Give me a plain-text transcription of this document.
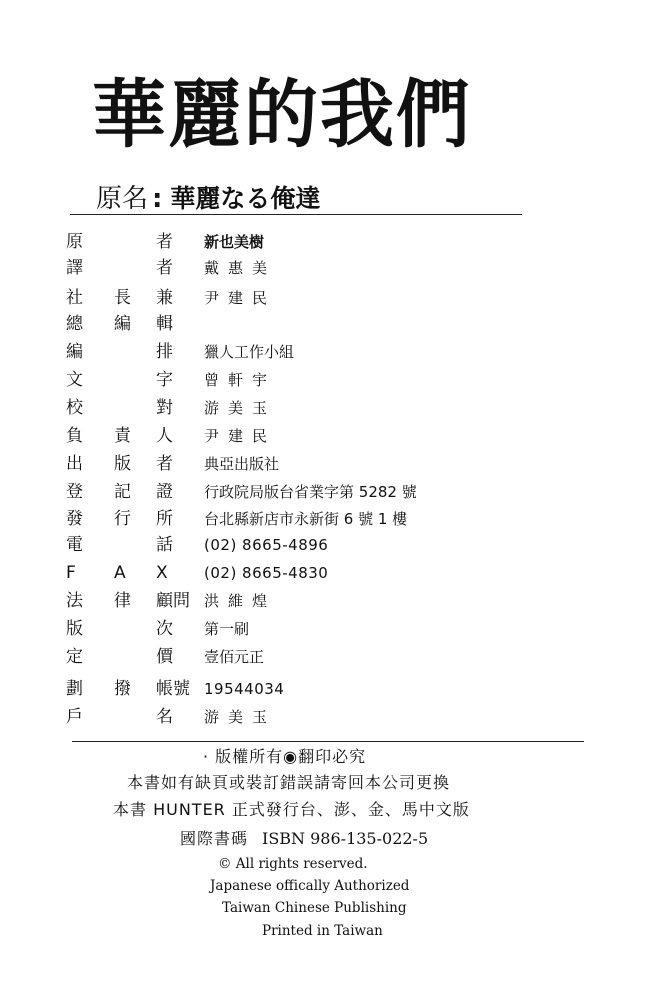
華麗的我們
原名 : 華麗なる俺達
原	者 新也美樹
譯	者 戴惠美
社 長 兼 尹建民
總 編 輯
編	排 獵人工作小組
文	字 曾軒宇
校	對 游美玉
負 責 人 尹建民
出 版 者 典亞出版社
登 記 證 行政院局版台省業字第 5282 號
發 行 所 台北縣新店市永新街 6 號 1 樓
電	話 (02) 8665-4896
F A X (02) 8665-4830
法 律 顧問 洪維煌
版	次 第一刷
定	價 壹佰元正
劃 撥 帳號 19544034
戶	名 游美玉
· 版權所有◉翻印必究
本書如有缺頁或裝訂錯誤請寄回本公司更換
本書 HUNTER 正式發行台、澎、金、馬中文版
國際書碼 ISBN 986-135-022-5
© All rights reserved.
Japanese offically Authorized
Taiwan Chinese Publishing
Printed in Taiwan
